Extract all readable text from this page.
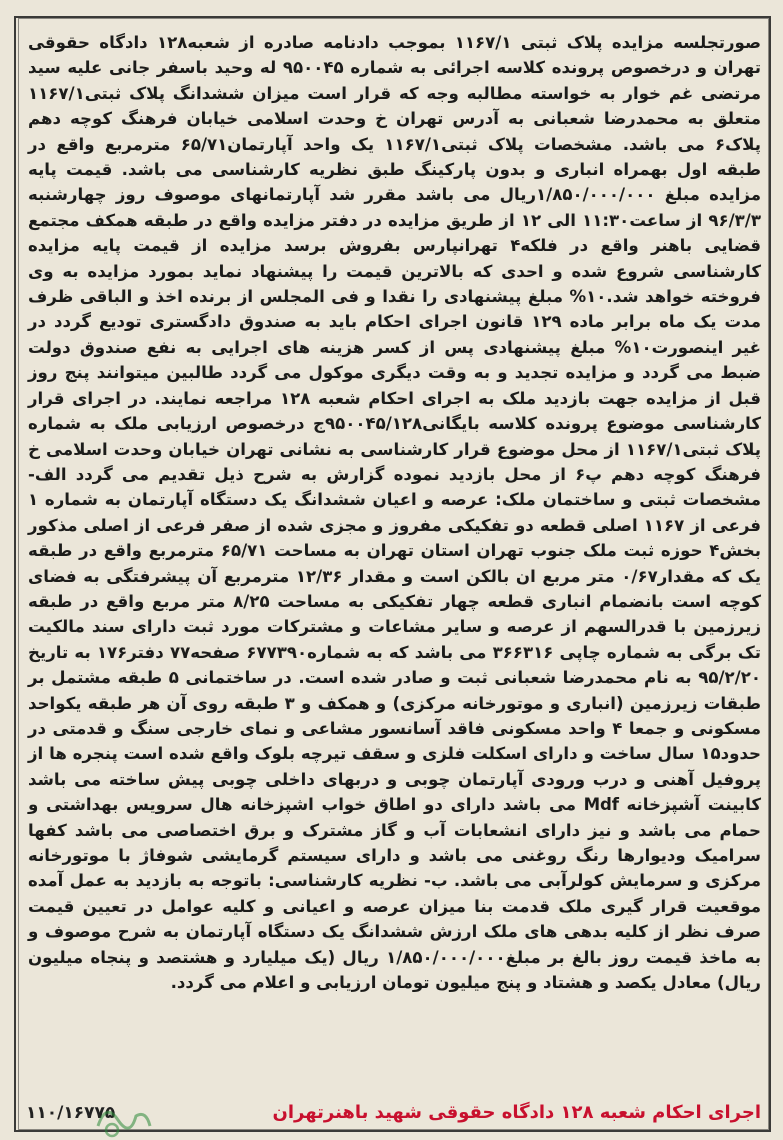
صورتجلسه مزایده پلاک ثبتی ۱۱۶۷/۱ بموجب دادنامه صادره از شعبه۱۲۸ دادگاه حقوقی تهران و درخصوص پرونده کلاسه اجرائی به شماره ۹۵۰۰۴۵ له وحید باسفر جانی علیه سید مرتضی غم خوار به خواسته مطالبه وجه که قرار است میزان ششدانگ پلاک ثبتی۱۱۶۷/۱ متعلق به محمدرضا شعبانی به آدرس تهران خ وحدت اسلامی خیابان فرهنگ کوچه دهم پلاک۶ می باشد. مشخصات پلاک ثبتی۱۱۶۷/۱ یک واحد آپارتمان۶۵/۷۱ مترمربع واقع در طبقه اول بهمراه انباری و بدون پارکینگ طبق نظریه کارشناسی می باشد. قیمت پایه مزایده مبلغ ۱/۸۵۰/۰۰۰/۰۰۰ریال می باشد مقرر شد آپارتمانهای موصوف روز چهارشنبه ۹۶/۳/۳ از ساعت۱۱:۳۰ الی ۱۲ از طریق مزایده در دفتر مزایده واقع در طبقه همکف مجتمع قضایی باهنر واقع در فلکه۴ تهرانپارس بفروش برسد مزایده از قیمت پایه مزایده کارشناسی شروع شده و احدی که بالاترین قیمت را پیشنهاد نماید بمورد مزایده به وی فروخته خواهد شد.۱۰% مبلغ پیشنهادی را نقدا و فی المجلس از برنده اخذ و الباقی ظرف مدت یک ماه برابر ماده ۱۲۹ قانون اجرای احکام باید به صندوق دادگستری تودیع گردد در غیر اینصورت۱۰% مبلغ پیشنهادی پس از کسر هزینه های اجرایی به نفع صندوق دولت ضبط می گردد و مزایده تجدید و به وقت دیگری موکول می گردد طالبین میتوانند پنج روز قبل از مزایده جهت بازدید ملک به اجرای احکام شعبه ۱۲۸ مراجعه نمایند. در اجرای قرار کارشناسی موضوع پرونده کلاسه بایگانی۹۵۰۰۴۵/۱۲۸ج درخصوص ارزیابی ملک به شماره پلاک ثبتی۱۱۶۷/۱ از محل موضوع قرار کارشناسی به نشانی تهران خیابان وحدت اسلامی خ فرهنگ کوچه دهم پ۶ از محل بازدید نموده گزارش به شرح ذیل تقدیم می گردد الف- مشخصات ثبتی و ساختمان ملک: عرصه و اعیان ششدانگ یک دستگاه آپارتمان به شماره ۱ فرعی از ۱۱۶۷ اصلی قطعه دو تفکیکی مفروز و مجزی شده از صفر فرعی از اصلی مذکور بخش۴ حوزه ثبت ملک جنوب تهران استان تهران به مساحت ۶۵/۷۱ مترمربع واقع در طبقه یک که مقدار۰/۶۷ متر مربع ان بالکن است و مقدار ۱۲/۳۶ مترمربع آن پیشرفتگی به فضای کوچه است بانضمام انباری قطعه چهار تفکیکی به مساحت ۸/۲۵ متر مربع واقع در طبقه زیرزمین با قدرالسهم از عرصه و سایر مشاعات و مشترکات مورد ثبت دارای سند مالکیت تک برگی به شماره چاپی ۳۶۶۳۱۶ می باشد که به شماره۶۷۷۳۹۰ صفحه۷۷ دفتر۱۷۶ به تاریخ ۹۵/۲/۲۰ به نام محمدرضا شعبانی ثبت و صادر شده است. در ساختمانی ۵ طبقه مشتمل بر طبقات زیرزمین (انباری و موتورخانه مرکزی) و همکف و ۳ طبقه روی آن هر طبقه یکواحد مسکونی و جمعا ۴ واحد مسکونی فاقد آسانسور مشاعی و نمای خارجی سنگ و قدمتی در حدود۱۵ سال ساخت و دارای اسکلت فلزی و سقف تیرچه بلوک واقع شده است پنجره ها از پروفیل آهنی و درب ورودی آپارتمان چوبی و دربهای داخلی چوبی پیش ساخته می باشد کابینت آشپزخانه Mdf می باشد دارای دو اطاق خواب اشپزخانه هال سرویس بهداشتی و حمام می باشد و نیز دارای انشعابات آب و گاز مشترک و برق اختصاصی می باشد کفها سرامیک ودیوارها رنگ روغنی می باشد و دارای سیستم گرمایشی شوفاژ با موتورخانه مرکزی و سرمایش کولرآبی می باشد. ب- نظریه کارشناسی: باتوجه به بازدید به عمل آمده موقعیت قرار گیری ملک قدمت بنا میزان عرصه و اعیانی و کلیه عوامل در تعیین قیمت صرف نظر از کلیه بدهی های ملک ارزش ششدانگ یک دستگاه آپارتمان به شرح موصوف و به ماخذ قیمت روز بالغ بر مبلغ۱/۸۵۰/۰۰۰/۰۰۰ ریال (یک میلیارد و هشتصد و پنجاه میلیون ریال) معادل یکصد و هشتاد و پنج میلیون تومان ارزیابی و اعلام می گردد.
اجرای احکام شعبه ۱۲۸ دادگاه حقوقی شهید باهنرتهران
۱۱۰/۱۶۷۷۵
